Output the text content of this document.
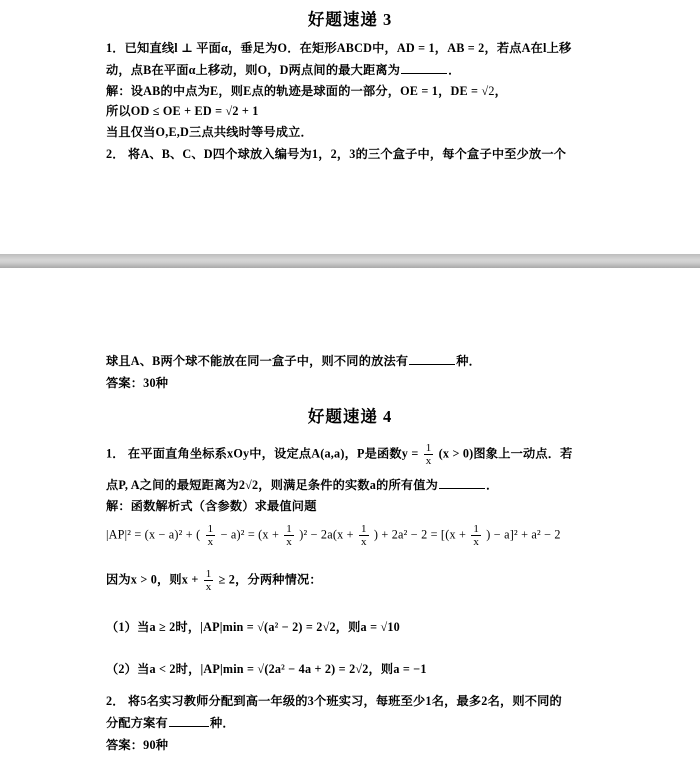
好题速递 3
1．已知直线l ⊥ 平面α，垂足为O．在矩形ABCD中，AD = 1，AB = 2，若点A在l上移
动，点B在平面α上移动，则O，D两点间的最大距离为	．
解：设AB的中点为E，则E点的轨迹是球面的一部分，OE = 1，DE = √2，
所以OD ≤ OE + ED = √2 + 1
当且仅当O,E,D三点共线时等号成立．
2． 将A、B、C、D四个球放入编号为1，2，3的三个盒子中，每个盒子中至少放一个
球且A、B两个球不能放在同一盒子中，则不同的放法有	种．
答案：30种
好题速递 4
1． 在平面直角坐标系xOy中，设定点A(a,a)，P是函数$y = \frac{1}{x} (x > 0)$图象上一动点．若
点P, A之间的最短距离为2√2，则满足条件的实数a的所有值为	．
解：函数解析式（含参数）求最值问题
|AP|² = (x − a)² + ( $\frac{1}{x} - a)^2 = (x + \frac{1}{x} )^2 - 2a(x + \frac{1}{x}$ ) + $2a^2 - 2 = [(x + \frac{1}{x}$ ) − a]² + a² − 2
因为x > 0，则$x + \frac{1}{x} \ge 2$，分两种情况：
（1）当a ≥ 2时，|AP|min = √(a² − 2) = 2√2，则a = √10
（2）当a < 2时，|AP|min = √(2a² − 4a + 2) = 2√2，则a = −1
2． 将5名实习教师分配到高一年级的3个班实习，每班至少1名，最多2名，则不同的
分配方案有	种．
答案：90种
